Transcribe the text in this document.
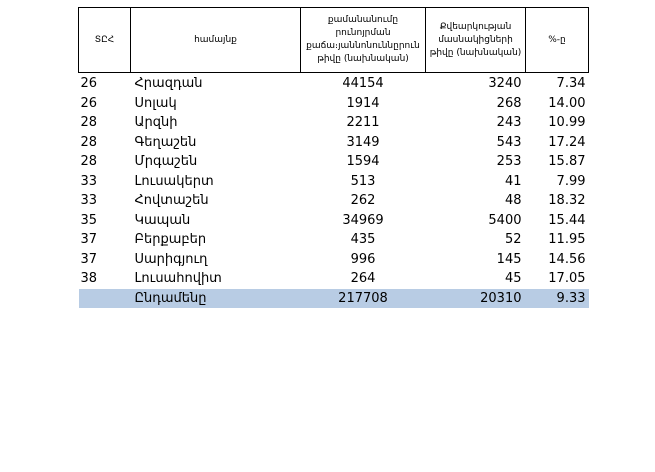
ՏԸՀ	համայնք	քամանանումը րունոյրման քաճա։յաննոնուննըրուն թիվը (նախնական)	Քվեարկության մասնակիցների թիվը (նախնական)	%-ը
26	Հրազդան	44154	3240	7.34
26	Սոլակ	1914	268	14.00
28	Արզնի	2211	243	10.99
28	Գեղաշեն	3149	543	17.24
28	Մրգաշեն	1594	253	15.87
33	Լուսակերտ	513	41	7.99
33	Հովտաշեն	262	48	18.32
35	Կապան	34969	5400	15.44
37	Բերքաբեր	435	52	11.95
37	Սարիգյուղ	996	145	14.56
38	Լուսահովիտ	264	45	17.05
	Ընդամենը	217708	20310	9.33
